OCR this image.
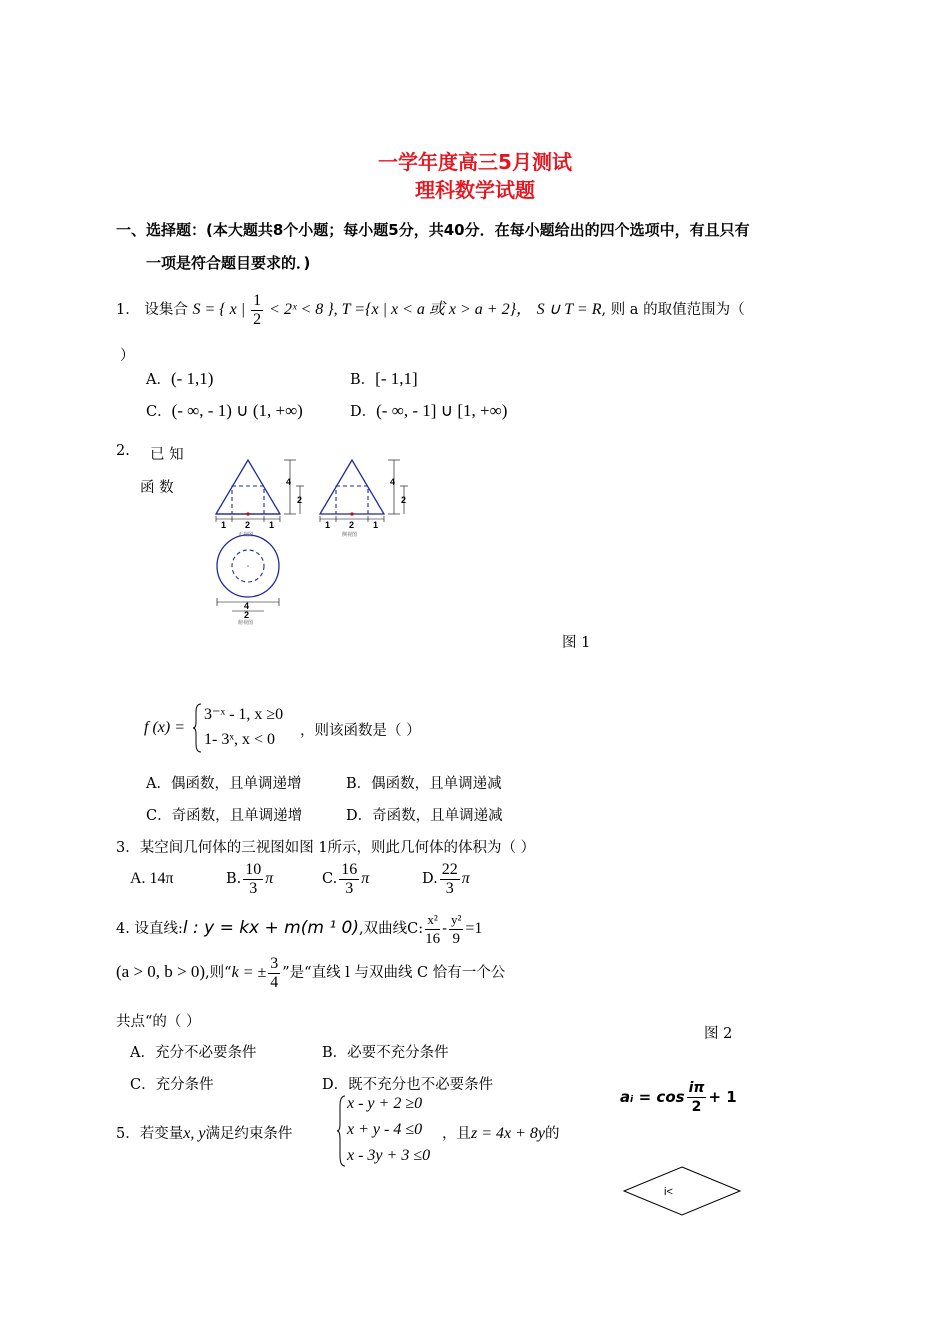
一学年度高三5月测试
理科数学试题
一、选择题：(本大题共8个小题；每小题5分，共40分．在每小题给出的四个选项中，有且只有
一项是符合题目要求的．)
1． 设集合 S = { x | $\frac{1}{2}$ < 2ˣ < 8 }, T ={x | x < a 或 x > a + 2}， S ∪ T = R, 则 a 的取值范围为（
）
A．(- 1,1)	B．[- 1,1]
C．(- ∞, - 1) ∪ (1, +∞)	D．(- ∞, - 1] ∪ [1, +∞)
2. 已 知
函 数	4
2
1 2 1
正视图
4
2
1 2 1
侧视图
4
2
俯视图
图 1
f (x) =
3⁻ˣ - 1, x ≥0
1- 3ˣ, x < 0 ，则该函数是（ ）
A．偶函数，且单调递增	B．偶函数，且单调递减
C．奇函数，且单调递增	D．奇函数，且单调递减
3．某空间几何体的三视图如图 1所示，则此几何体的体积为（ ）
A. 14π	B. $\frac{10}{3}$ π	C. $\frac{16}{3}$ π	D. $\frac{22}{3}$ π
4. 设直线:l : y = kx + m(m ¹ 0),双曲线C: $\frac{\text{x²}}{16} - \frac{\text{y²}}{9} =1$
(a > 0, b > 0),则“k = ± $\frac{3}{4}$ ”是“直线 l 与双曲线 C 恰有一个公
共点“的（ ）
A．充分不必要条件	B．必要不充分条件
C．充分条件	D．既不充分也不必要条件
5．若变量x, y满足约束条件
x - y + 2 ≥0
x + y - 4 ≤0
x - 3y + 3 ≤0
，且z = 4x + 8y的
图 2
aᵢ = $\cos \frac{i\pi}{2} + 1$
i<
